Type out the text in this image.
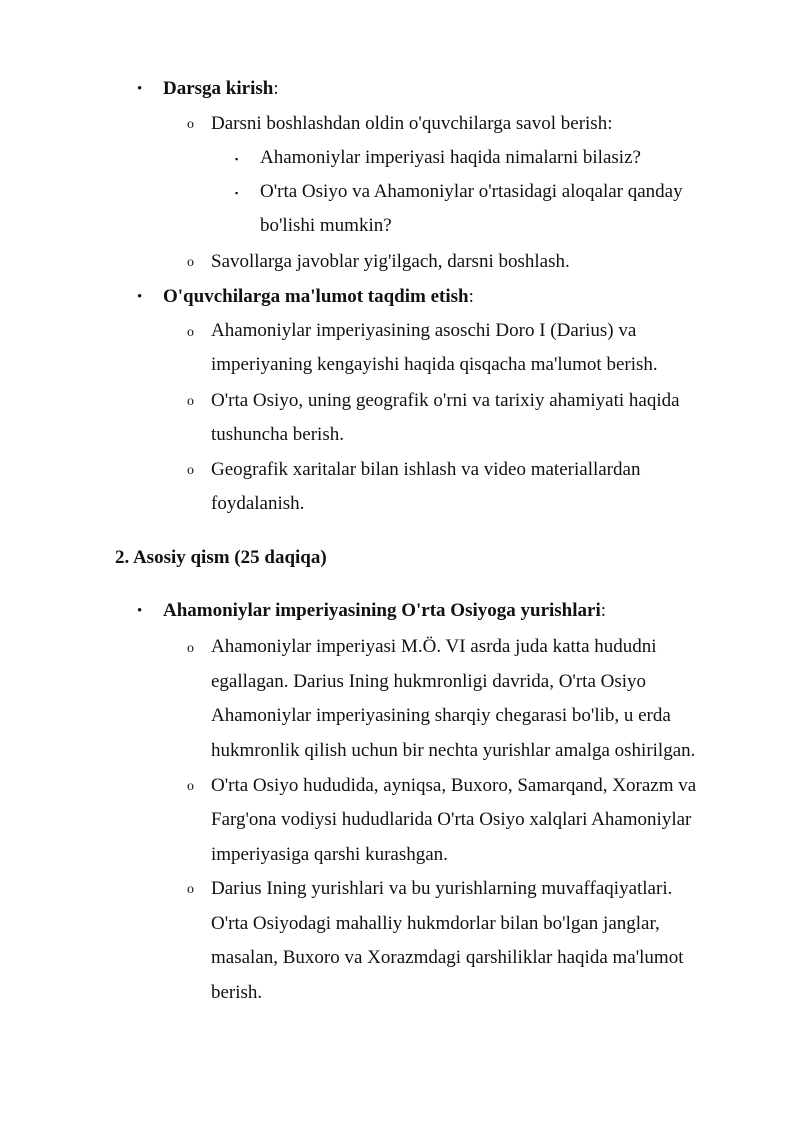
• Darsga kirish:
o Darsni boshlashdan oldin o'quvchilarga savol berish:
▪ Ahamoniylar imperiyasi haqida nimalarni bilasiz?
▪ O'rta Osiyo va Ahamoniylar o'rtasidagi aloqalar qanday
bo'lishi mumkin?
o Savollarga javoblar yig'ilgach, darsni boshlash.
• O'quvchilarga ma'lumot taqdim etish:
o Ahamoniylar imperiyasining asoschi Doro I (Darius) va
imperiyaning kengayishi haqida qisqacha ma'lumot berish.
o O'rta Osiyo, uning geografik o'rni va tarixiy ahamiyati haqida
tushuncha berish.
o Geografik xaritalar bilan ishlash va video materiallardan
foydalanish.
2. Asosiy qism (25 daqiqa)
• Ahamoniylar imperiyasining O'rta Osiyoga yurishlari:
o Ahamoniylar imperiyasi M.Ö. VI asrda juda katta hududni
egallagan. Darius Ining hukmronligi davrida, O'rta Osiyo
Ahamoniylar imperiyasining sharqiy chegarasi bo'lib, u erda
hukmronlik qilish uchun bir nechta yurishlar amalga oshirilgan.
o O'rta Osiyo hududida, ayniqsa, Buxoro, Samarqand, Xorazm va
Farg'ona vodiysi hududlarida O'rta Osiyo xalqlari Ahamoniylar
imperiyasiga qarshi kurashgan.
o Darius Ining yurishlari va bu yurishlarning muvaffaqiyatlari.
O'rta Osiyodagi mahalliy hukmdorlar bilan bo'lgan janglar,
masalan, Buxoro va Xorazmdagi qarshiliklar haqida ma'lumot
berish.
